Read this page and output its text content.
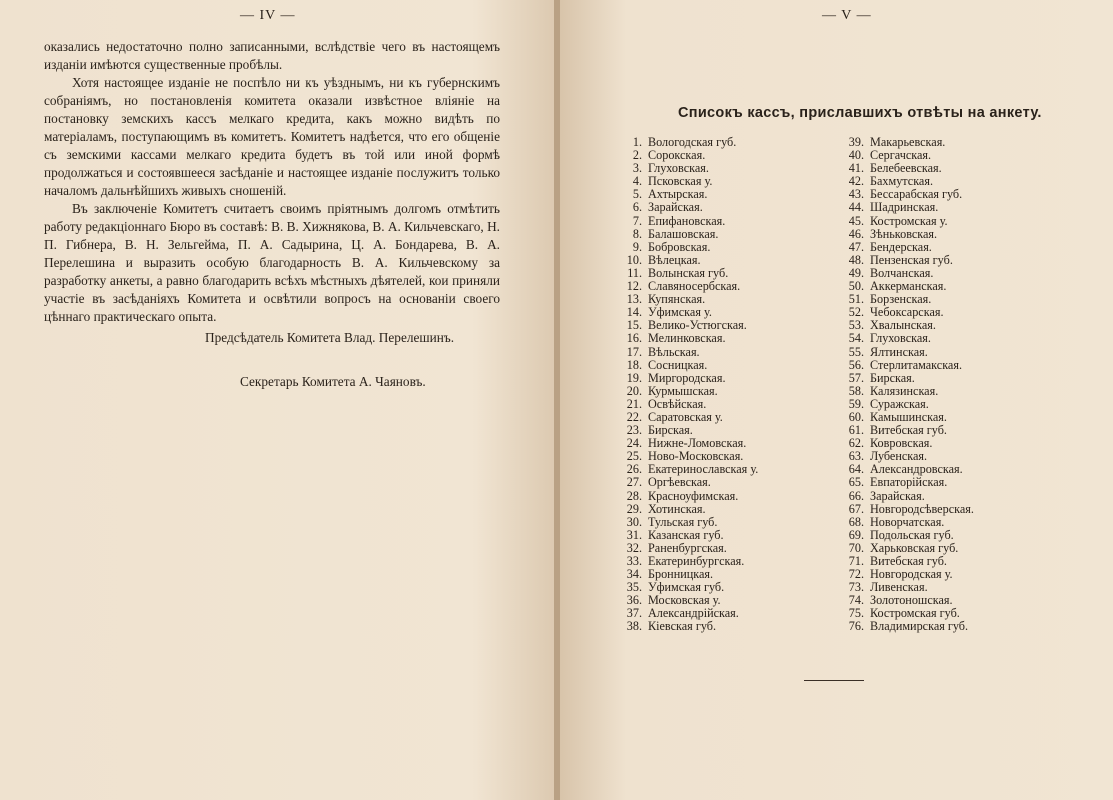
— IV —

оказались недостаточно полно записанными, вслѣдствіе чего въ настоящемъ изданіи имѣются существенные пробѣлы.

Хотя настоящее изданіе не поспѣло ни къ уѣзднымъ, ни къ губернскимъ собраніямъ, но постановленія комитета оказали извѣстное вліяніе на постановку земскихъ кассъ мелкаго кредита, какъ можно видѣть по матеріаламъ, поступающимъ въ комитетъ. Комитетъ надѣется, что его общеніе съ земскими кассами мелкаго кредита будетъ въ той или иной формѣ продолжаться и состоявшееся засѣданіе и настоящее изданіе послужитъ только началомъ дальнѣйшихъ живыхъ сношеній.

Въ заключеніе Комитетъ считаетъ своимъ пріятнымъ долгомъ отмѣтить работу редакціоннаго Бюро въ составѣ: В. В. Хижнякова, В. А. Кильчевскаго, Н. П. Гибнера, В. Н. Зельгейма, П. А. Садырина, Ц. А. Бондарева, В. А. Перелешина и выразить особую благодарность В. А. Кильчевскому за разработку анкеты, а равно благодарить всѣхъ мѣстныхъ дѣятелей, кои приняли участіе въ засѣданіяхъ Комитета и освѣтили вопросъ на основаніи своего цѣннаго практическаго опыта.

Предсѣдатель Комитета Влад. Перелешинъ.
Секретарь Комитета А. Чаяновъ.
— V —
Списокъ кассъ, приславшихъ отвѣты на анкету.
1. Вологодская губ.
2. Сорокская.
3. Глуховская.
4. Псковская у.
5. Ахтырская.
6. Зарайская.
7. Епифановская.
8. Балашовская.
9. Бобровская.
10. Вѣлецкая.
11. Волынская губ.
12. Славяносербская.
13. Купянская.
14. Уфимская у.
15. Велико-Устюгская.
16. Мелинковская.
17. Вѣльская.
18. Сосницкая.
19. Миргородская.
20. Курмышская.
21. Освѣйская.
22. Саратовская у.
23. Бирская.
24. Нижне-Ломовская.
25. Ново-Московская.
26. Екатеринославская у.
27. Оргѣевская.
28. Красноуфимская.
29. Хотинская.
30. Тульская губ.
31. Казанская губ.
32. Раненбургская.
33. Екатеринбургская.
34. Бронницкая.
35. Уфимская губ.
36. Московская у.
37. Александрійская.
38. Кіевская губ.
39. Макарьевская.
40. Сергачская.
41. Белебеевская.
42. Бахмутская.
43. Бессарабская губ.
44. Шадринская.
45. Костромская у.
46. Зѣньковская.
47. Бендерская.
48. Пензенская губ.
49. Волчанская.
50. Аккерманская.
51. Борзенская.
52. Чебоксарская.
53. Хвалынская.
54. Глуховская.
55. Ялтинская.
56. Стерлитамакская.
57. Бирская.
58. Калязинская.
59. Суражская.
60. Камышинская.
61. Витебская губ.
62. Ковровская.
63. Лубенская.
64. Александровская.
65. Евпаторійская.
66. Зарайская.
67. Новгородсѣверская.
68. Новорчатская.
69. Подольская губ.
70. Харьковская губ.
71. Витебская губ.
72. Новгородская у.
73. Ливенская.
74. Золотоношская.
75. Костромская губ.
76. Владимирская губ.
